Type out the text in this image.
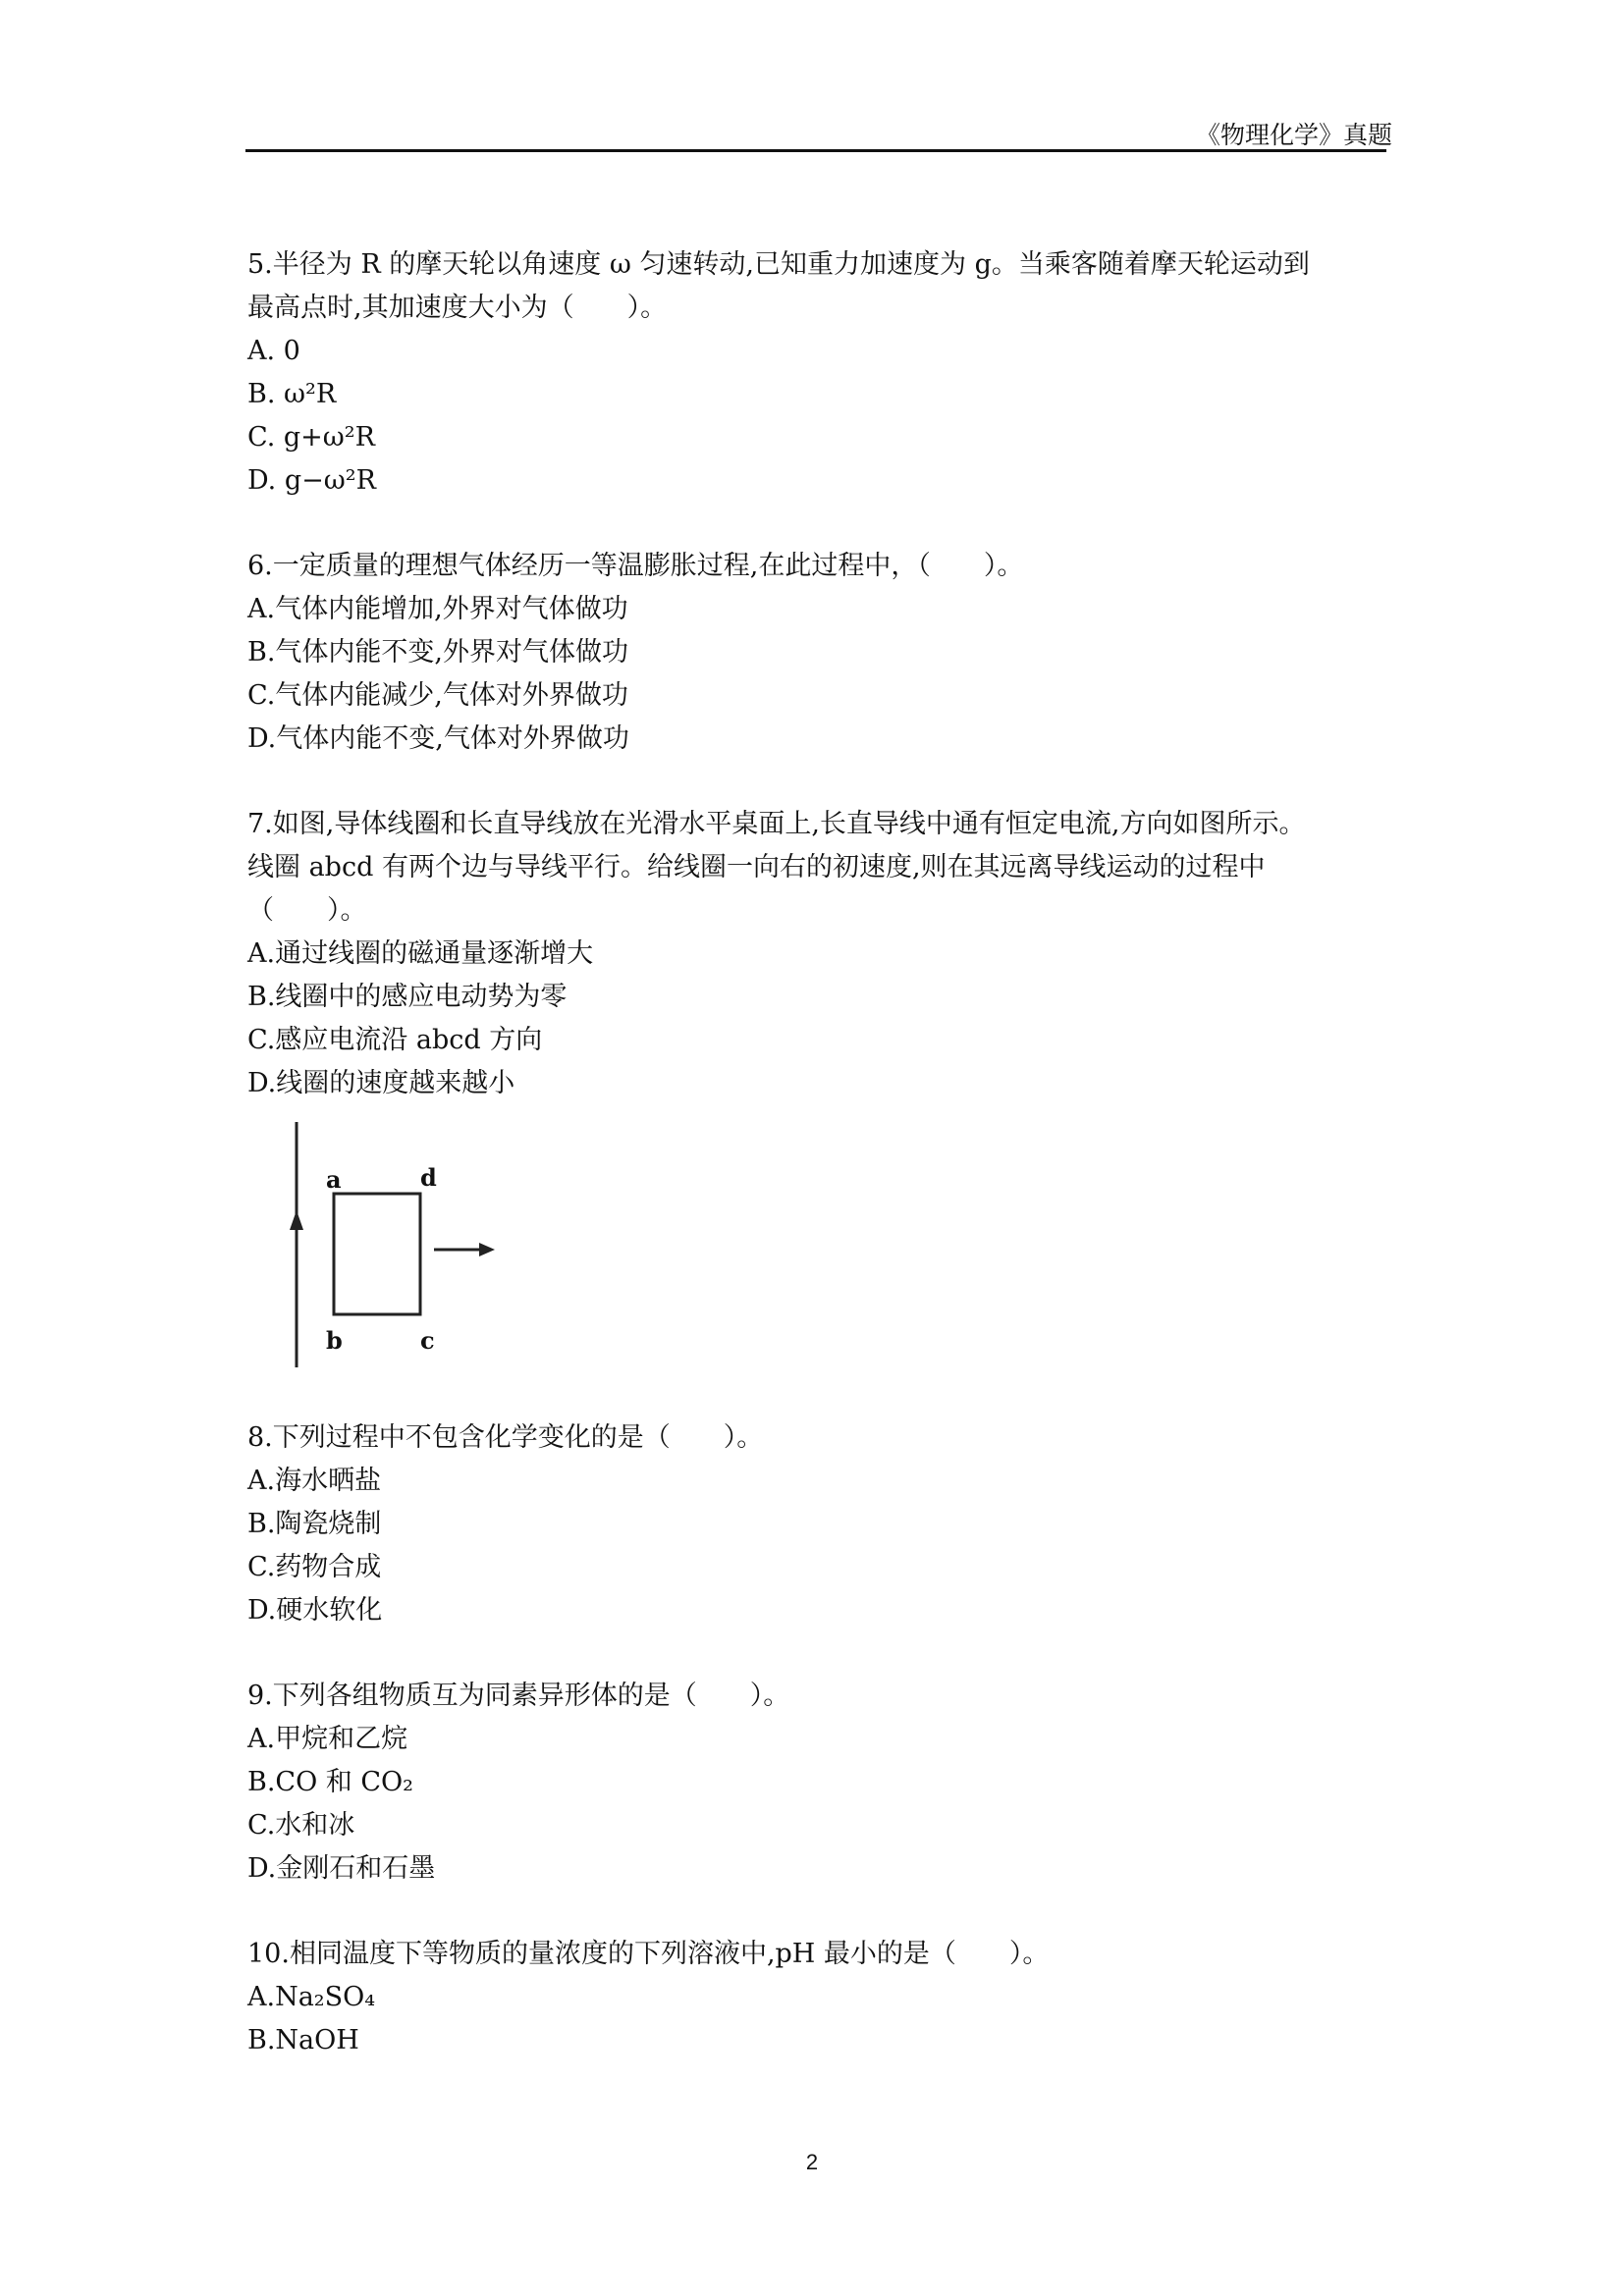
《物理化学》真题
5.半径为 R 的摩天轮以角速度 ω 匀速转动,已知重力加速度为 g。当乘客随着摩天轮运动到
最高点时,其加速度大小为（　　）。
A. 0
B. ω²R
C. g+ω²R
D. g−ω²R
6.一定质量的理想气体经历一等温膨胀过程,在此过程中，（　　）。
A.气体内能增加,外界对气体做功
B.气体内能不变,外界对气体做功
C.气体内能减少,气体对外界做功
D.气体内能不变,气体对外界做功
7.如图,导体线圈和长直导线放在光滑水平桌面上,长直导线中通有恒定电流,方向如图所示。
线圈 abcd 有两个边与导线平行。给线圈一向右的初速度,则在其远离导线运动的过程中
（　　）。
A.通过线圈的磁通量逐渐增大
B.线圈中的感应电动势为零
C.感应电流沿 abcd 方向
D.线圈的速度越来越小
a	d
b	c
8.下列过程中不包含化学变化的是（　　）。
A.海水晒盐
B.陶瓷烧制
C.药物合成
D.硬水软化
9.下列各组物质互为同素异形体的是（　　）。
A.甲烷和乙烷
B.CO 和 CO₂
C.水和冰
D.金刚石和石墨
10.相同温度下等物质的量浓度的下列溶液中,pH 最小的是（　　）。
A.Na₂SO₄
B.NaOH
2
